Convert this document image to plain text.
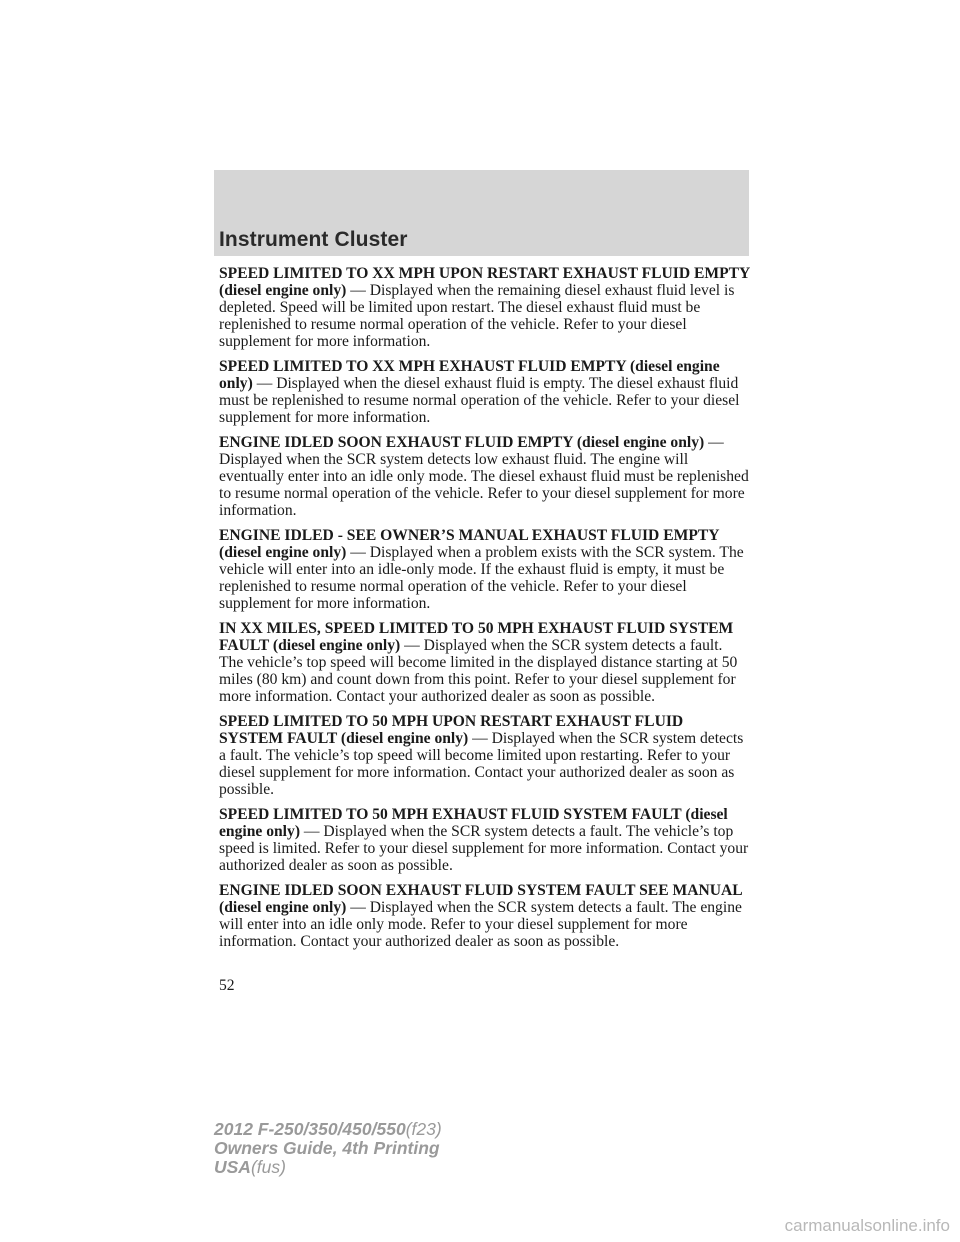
Instrument Cluster

SPEED LIMITED TO XX MPH UPON RESTART EXHAUST FLUID EMPTY (diesel engine only) — Displayed when the remaining diesel exhaust fluid level is depleted. Speed will be limited upon restart. The diesel exhaust fluid must be replenished to resume normal operation of the vehicle. Refer to your diesel supplement for more information.

SPEED LIMITED TO XX MPH EXHAUST FLUID EMPTY (diesel engine only) — Displayed when the diesel exhaust fluid is empty. The diesel exhaust fluid must be replenished to resume normal operation of the vehicle. Refer to your diesel supplement for more information.

ENGINE IDLED SOON EXHAUST FLUID EMPTY (diesel engine only) — Displayed when the SCR system detects low exhaust fluid. The engine will eventually enter into an idle only mode. The diesel exhaust fluid must be replenished to resume normal operation of the vehicle. Refer to your diesel supplement for more information.

ENGINE IDLED - SEE OWNER’S MANUAL EXHAUST FLUID EMPTY (diesel engine only) — Displayed when a problem exists with the SCR system. The vehicle will enter into an idle-only mode. If the exhaust fluid is empty, it must be replenished to resume normal operation of the vehicle. Refer to your diesel supplement for more information.

IN XX MILES, SPEED LIMITED TO 50 MPH EXHAUST FLUID SYSTEM FAULT (diesel engine only) — Displayed when the SCR system detects a fault. The vehicle’s top speed will become limited in the displayed distance starting at 50 miles (80 km) and count down from this point. Refer to your diesel supplement for more information. Contact your authorized dealer as soon as possible.

SPEED LIMITED TO 50 MPH UPON RESTART EXHAUST FLUID SYSTEM FAULT (diesel engine only) — Displayed when the SCR system detects a fault. The vehicle’s top speed will become limited upon restarting. Refer to your diesel supplement for more information. Contact your authorized dealer as soon as possible.

SPEED LIMITED TO 50 MPH EXHAUST FLUID SYSTEM FAULT (diesel engine only) — Displayed when the SCR system detects a fault. The vehicle’s top speed is limited. Refer to your diesel supplement for more information. Contact your authorized dealer as soon as possible.

ENGINE IDLED SOON EXHAUST FLUID SYSTEM FAULT SEE MANUAL (diesel engine only) — Displayed when the SCR system detects a fault. The engine will enter into an idle only mode. Refer to your diesel supplement for more information. Contact your authorized dealer as soon as possible.

52

2012 F-250/350/450/550(f23)
Owners Guide, 4th Printing
USA(fus)
carmanualsonline.info
